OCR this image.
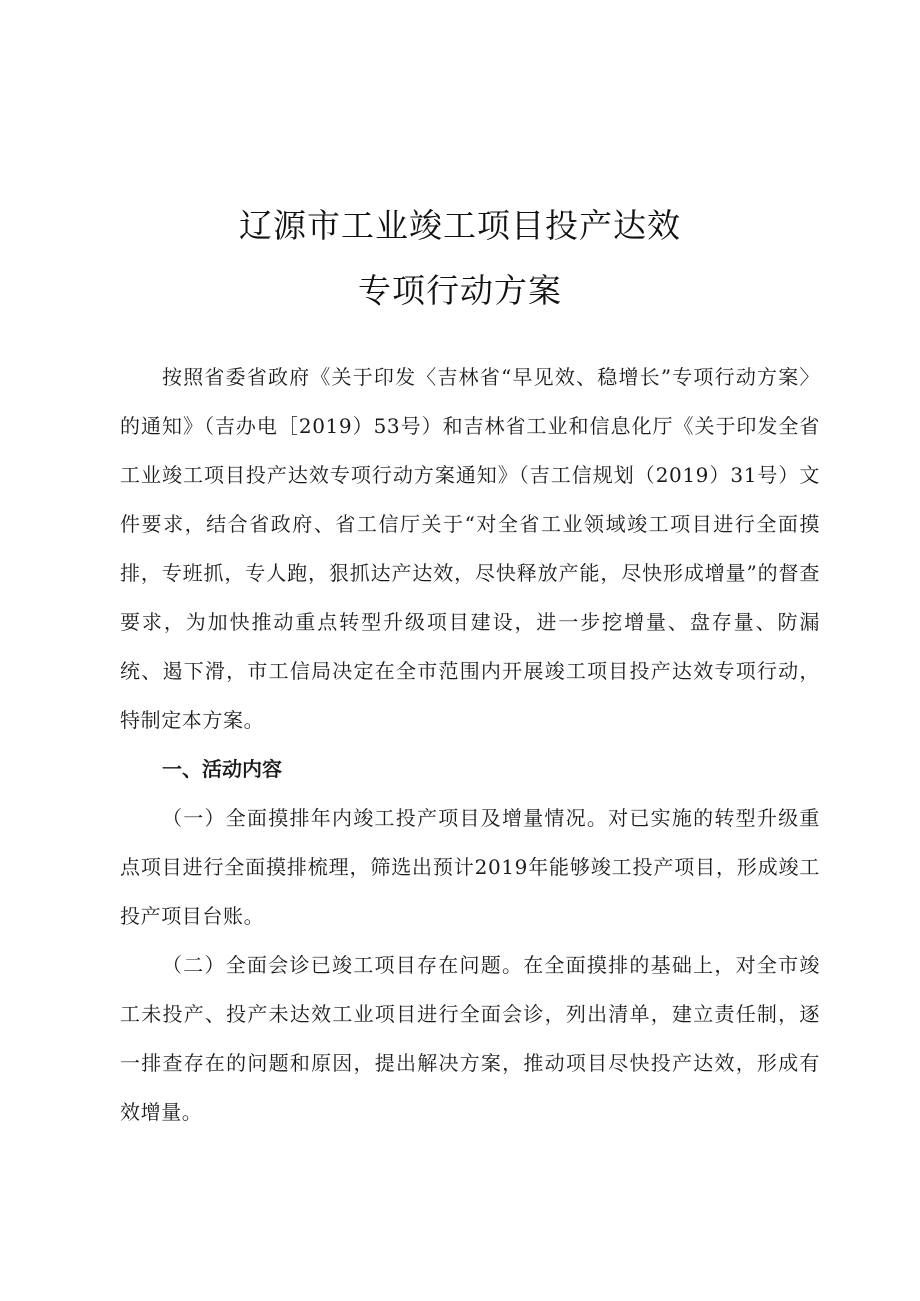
辽源市工业竣工项目投产达效
专项行动方案

按照省委省政府《关于印发〈吉林省“早见效、稳增长”专项行动方案〉的通知》（吉办电［2019）53号）和吉林省工业和信息化厅《关于印发全省工业竣工项目投产达效专项行动方案通知》（吉工信规划（2019）31号）文件要求，结合省政府、省工信厅关于“对全省工业领域竣工项目进行全面摸排，专班抓，专人跑，狠抓达产达效，尽快释放产能，尽快形成增量”的督查要求，为加快推动重点转型升级项目建设，进一步挖增量、盘存量、防漏统、遏下滑，市工信局决定在全市范围内开展竣工项目投产达效专项行动，特制定本方案。

一、活动内容

（一）全面摸排年内竣工投产项目及增量情况。对已实施的转型升级重点项目进行全面摸排梳理，筛选出预计2019年能够竣工投产项目，形成竣工投产项目台账。

（二）全面会诊已竣工项目存在问题。在全面摸排的基础上，对全市竣工未投产、投产未达效工业项目进行全面会诊，列出清单，建立责任制，逐一排查存在的问题和原因，提出解决方案，推动项目尽快投产达效，形成有效增量。
